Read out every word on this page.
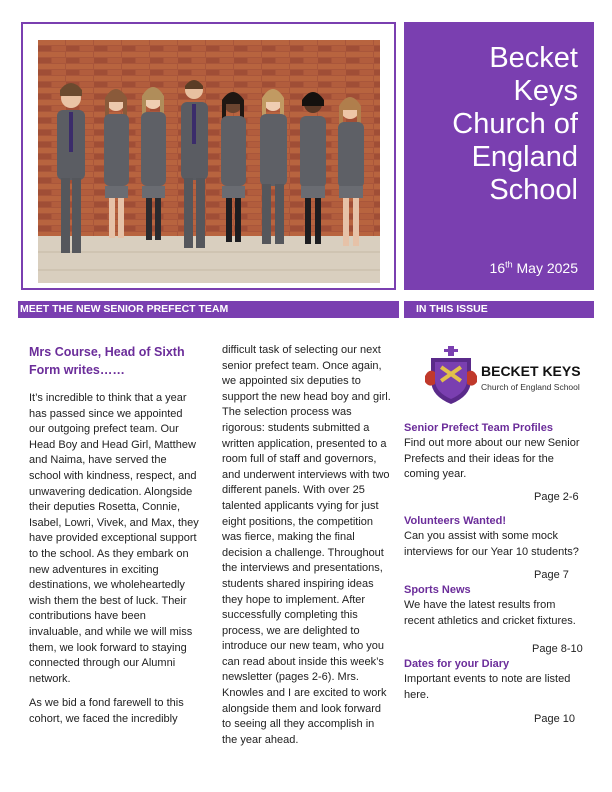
Becket
Keys
Church of
England
School
16th May 2025
MEET THE NEW SENIOR PREFECT TEAM	IN THIS ISSUE
Mrs Course, Head of Sixth Form writes……

It’s incredible to think that a year has passed since we appointed our outgoing prefect team. Our Head Boy and Head Girl, Matthew and Naima, have served the school with kindness, respect, and unwavering dedication. Alongside their deputies Rosetta, Connie, Isabel, Lowri, Vivek, and Max, they have provided exceptional support to the school. As they embark on new adventures in exciting destinations, we wholeheartedly wish them the best of luck. Their contributions have been invaluable, and while we will miss them, we look forward to staying connected through our Alumni network.

As we bid a fond farewell to this cohort, we faced the incredibly

difficult task of selecting our next senior prefect team. Once again, we appointed six deputies to support the new head boy and girl. The selection process was rigorous: students submitted a written application, presented to a room full of staff and governors, and underwent interviews with two different panels. With over 25 talented applicants vying for just eight positions, the competition was fierce, making the final decision a challenge. Throughout the interviews and presentations, students shared inspiring ideas they hope to implement. After successfully completing this process, we are delighted to introduce our new team, who you can read about inside this week’s newsletter (pages 2-6). Mrs. Knowles and I are excited to work alongside them and look forward to seeing all they accomplish in the year ahead.

BECKET KEYS
Church of England School
Senior Prefect Team Profiles
Find out more about our new Senior Prefects and their ideas for the coming year.
Page 2-6
Volunteers Wanted!
Can you assist with some mock interviews for our Year 10 students?
Page 7
Sports News
We have the latest results from recent athletics and cricket fixtures.
Page 8-10
Dates for your Diary
Important events to note are listed here.
Page 10
